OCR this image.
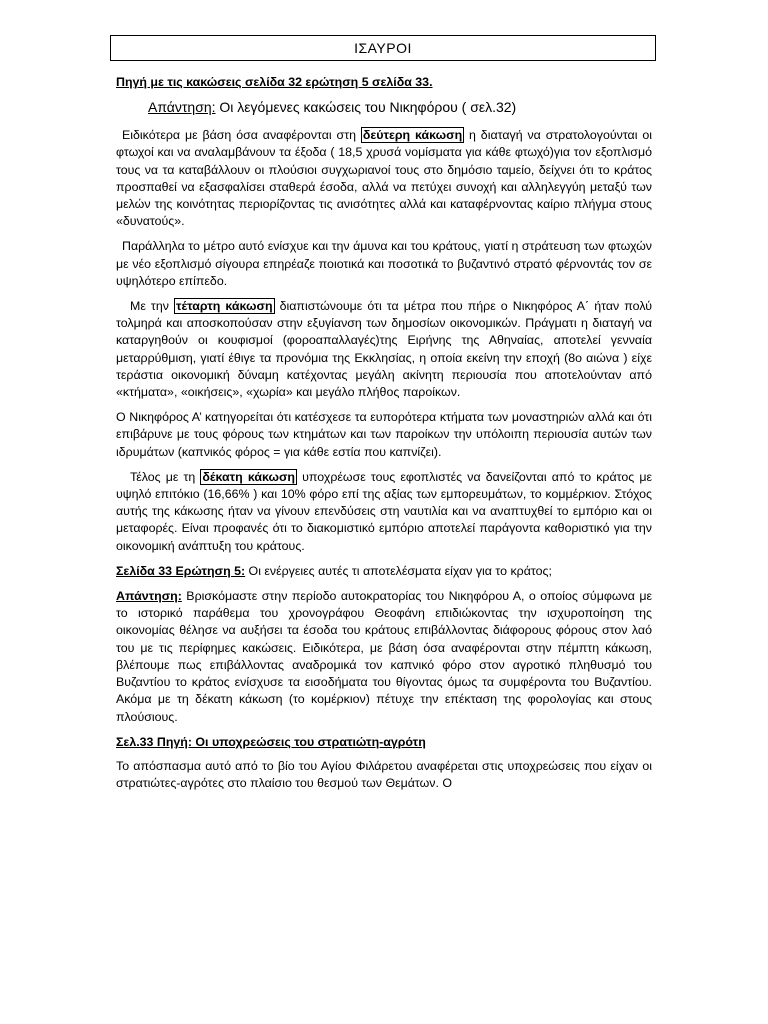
ΙΣΑΥΡΟΙ
Πηγή με τις κακώσεις σελίδα 32 ερώτηση 5 σελίδα 33.
Απάντηση: Οι λεγόμενες κακώσεις του Νικηφόρου ( σελ.32)

Ειδικότερα με βάση όσα αναφέρονται στη δεύτερη κάκωση η διαταγή να στρατολογούνται οι φτωχοί και να αναλαμβάνουν τα έξοδα ( 18,5 χρυσά νομίσματα για κάθε φτωχό)για τον εξοπλισμό τους να τα καταβάλλουν οι πλούσιοι συγχωριανοί τους στο δημόσιο ταμείο, δείχνει ότι το κράτος προσπαθεί να εξασφαλίσει σταθερά έσοδα, αλλά να πετύχει συνοχή και αλληλεγγύη μεταξύ των μελών της κοινότητας περιορίζοντας τις ανισότητες αλλά και καταφέρνοντας καίριο πλήγμα στους «δυνατούς».

Παράλληλα το μέτρο αυτό ενίσχυε και την άμυνα και του κράτους, γιατί η στράτευση των φτωχών με νέο εξοπλισμό σίγουρα επηρέαζε ποιοτικά και ποσοτικά το βυζαντινό στρατό φέρνοντάς τον σε υψηλότερο επίπεδο.

Με την τέταρτη κάκωση διαπιστώνουμε ότι τα μέτρα που πήρε ο Νικηφόρος Α΄ ήταν πολύ τολμηρά και αποσκοπούσαν στην εξυγίανση των δημοσίων οικονομικών. Πράγματι η διαταγή να καταργηθούν οι κουφισμοί (φοροαπαλλαγές)της Ειρήνης της Αθηναίας, αποτελεί γενναία μεταρρύθμιση, γιατί έθιγε τα προνόμια της Εκκλησίας, η οποία εκείνη την εποχή (8ο αιώνα ) είχε τεράστια οικονομική δύναμη κατέχοντας μεγάλη ακίνητη περιουσία που αποτελούνταν από «κτήματα», «οικήσεις», «χωρία» και μεγάλο πλήθος παροίκων.

Ο Νικηφόρος Α’ κατηγορείται ότι κατέσχεσε τα ευπορότερα κτήματα των μοναστηριών αλλά και ότι επιβάρυνε με τους φόρους των κτημάτων και των παροίκων την υπόλοιπη περιουσία αυτών των ιδρυμάτων (καπνικός φόρος = για κάθε εστία που καπνίζει).

Τέλος με τη δέκατη κάκωση υποχρέωσε τους εφοπλιστές να δανείζονται από το κράτος με υψηλό επιτόκιο (16,66% ) και 10% φόρο επί της αξίας των εμπορευμάτων, το κομμέρκιον. Στόχος αυτής της κάκωσης ήταν να γίνουν επενδύσεις στη ναυτιλία και να αναπτυχθεί το εμπόριο και οι μεταφορές. Είναι προφανές ότι το διακομιστικό εμπόριο αποτελεί παράγοντα καθοριστικό για την οικονομική ανάπτυξη του κράτους.

Σελίδα 33 Ερώτηση 5: Οι ενέργειες αυτές τι αποτελέσματα είχαν για το κράτος;

Απάντηση: Βρισκόμαστε στην περίοδο αυτοκρατορίας του Νικηφόρου Α, ο οποίος σύμφωνα με το ιστορικό παράθεμα του χρονογράφου Θεοφάνη επιδιώκοντας την ισχυροποίηση της οικονομίας θέλησε να αυξήσει τα έσοδα του κράτους επιβάλλοντας διάφορους φόρους στον λαό του με τις περίφημες κακώσεις. Ειδικότερα, με βάση όσα αναφέρονται στην πέμπτη κάκωση, βλέπουμε πως επιβάλλοντας αναδρομικά τον καπνικό φόρο στον αγροτικό πληθυσμό του Βυζαντίου το κράτος ενίσχυσε τα εισοδήματα του θίγοντας όμως τα συμφέροντα του Βυζαντίου. Ακόμα με τη δέκατη κάκωση (το κομέρκιον) πέτυχε την επέκταση της φορολογίας και στους πλούσιους.

Σελ.33 Πηγή: Οι υποχρεώσεις του στρατιώτη-αγρότη

Το απόσπασμα αυτό από το βίο του Αγίου Φιλάρετου αναφέρεται στις υποχρεώσεις που είχαν οι στρατιώτες-αγρότες στο πλαίσιο του θεσμού των Θεμάτων. Ο
